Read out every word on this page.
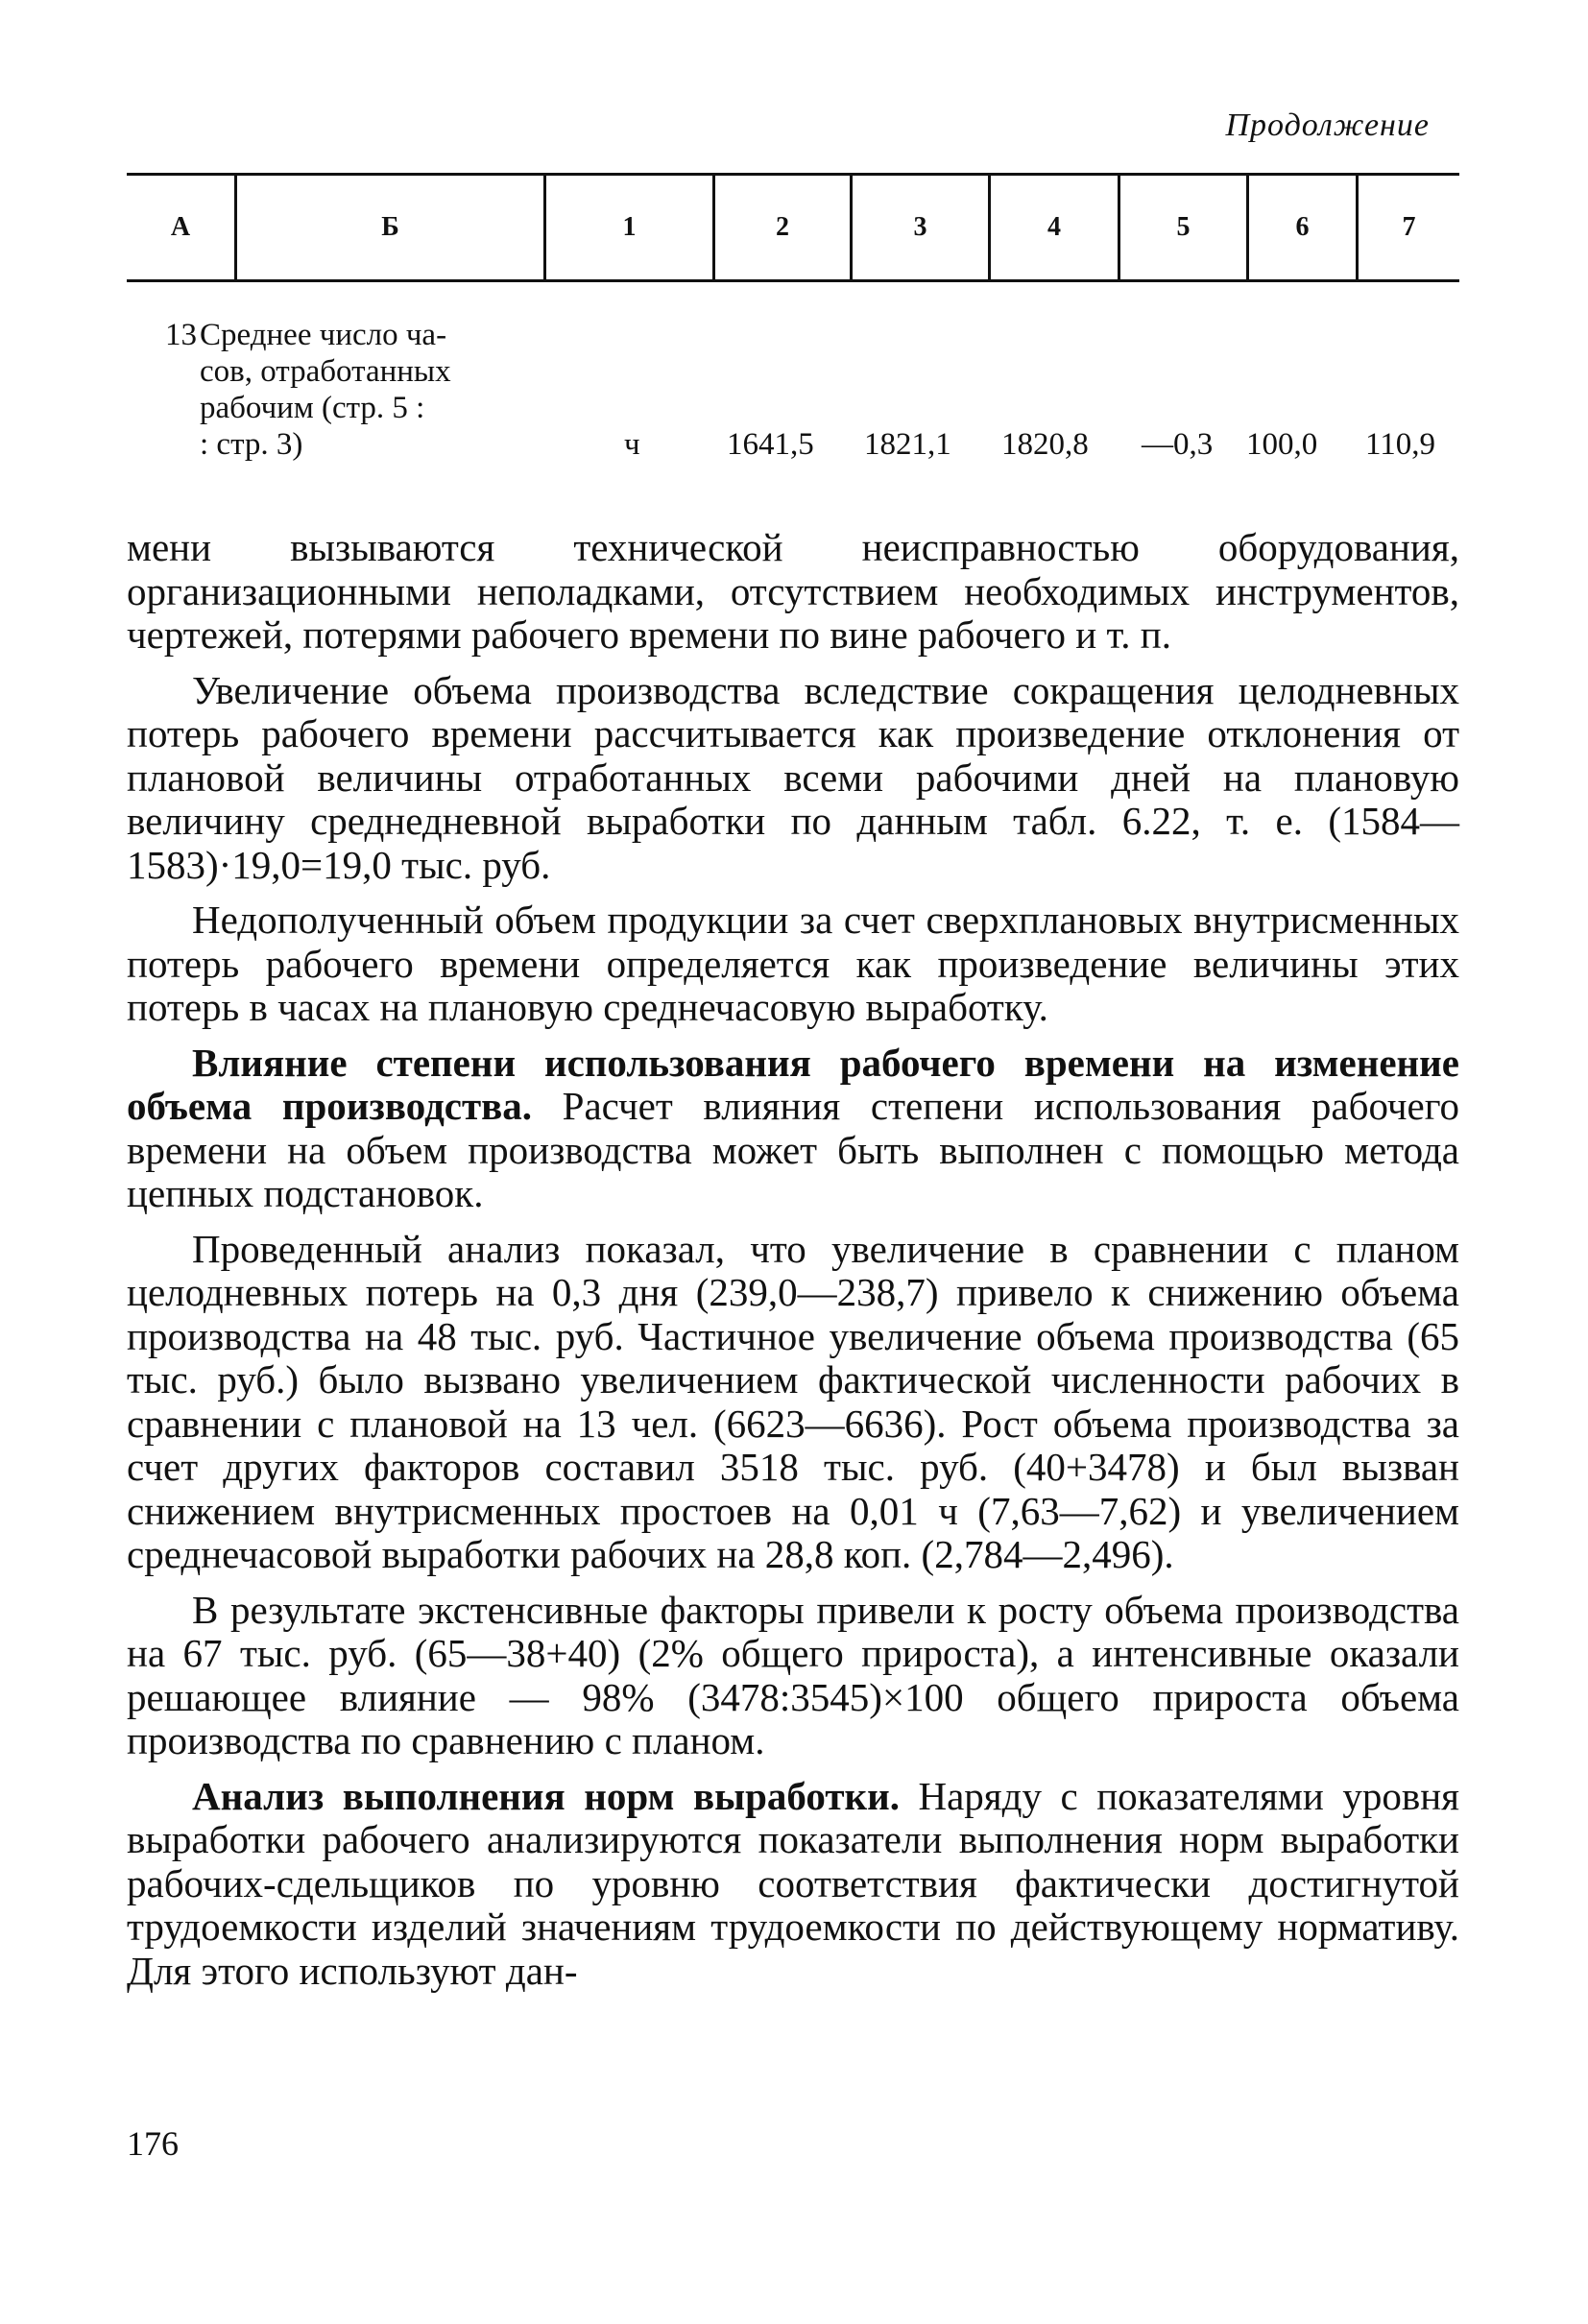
Продолжение
А	Б	1	2	3	4	5	6	7
13 Среднее число ча-
сов, отработанных
рабочим (стр. 5 :
: стр. 3)	ч	1641,5 1821,1 1820,8 —0,3 100,0 110,9

мени вызываются технической неисправностью оборудования, организационными неполадками, отсутствием необходимых инструментов, чертежей, потерями рабочего времени по вине рабочего и т. п.

Увеличение объема производства вследствие сокращения целодневных потерь рабочего времени рассчитывается как произведение отклонения от плановой величины отработанных всеми рабочими дней на плановую величину среднедневной выработки по данным табл. 6.22, т. е. (1584—1583)·19,0=19,0 тыс. руб.

Недополученный объем продукции за счет сверхплановых внутрисменных потерь рабочего времени определяется как произведение величины этих потерь в часах на плановую среднечасовую выработку.

Влияние степени использования рабочего времени на изменение объема производства. Расчет влияния степени использования рабочего времени на объем производства может быть выполнен с помощью метода цепных подстановок.

Проведенный анализ показал, что увеличение в сравнении с планом целодневных потерь на 0,3 дня (239,0—238,7) привело к снижению объема производства на 48 тыс. руб. Частичное увеличение объема производства (65 тыс. руб.) было вызвано увеличением фактической численности рабочих в сравнении с плановой на 13 чел. (6623—6636). Рост объема производства за счет других факторов составил 3518 тыс. руб. (40+3478) и был вызван снижением внутрисменных простоев на 0,01 ч (7,63—7,62) и увеличением среднечасовой выработки рабочих на 28,8 коп. (2,784—2,496).

В результате экстенсивные факторы привели к росту объема производства на 67 тыс. руб. (65—38+40) (2% общего прироста), а интенсивные оказали решающее влияние — 98% (3478:3545)×100 общего прироста объема производства по сравнению с планом.

Анализ выполнения норм выработки. Наряду с показателями уровня выработки рабочего анализируются показатели выполнения норм выработки рабочих-сдельщиков по уровню соответствия фактически достигнутой трудоемкости изделий значениям трудоемкости по действующему нормативу. Для этого используют дан-

176
